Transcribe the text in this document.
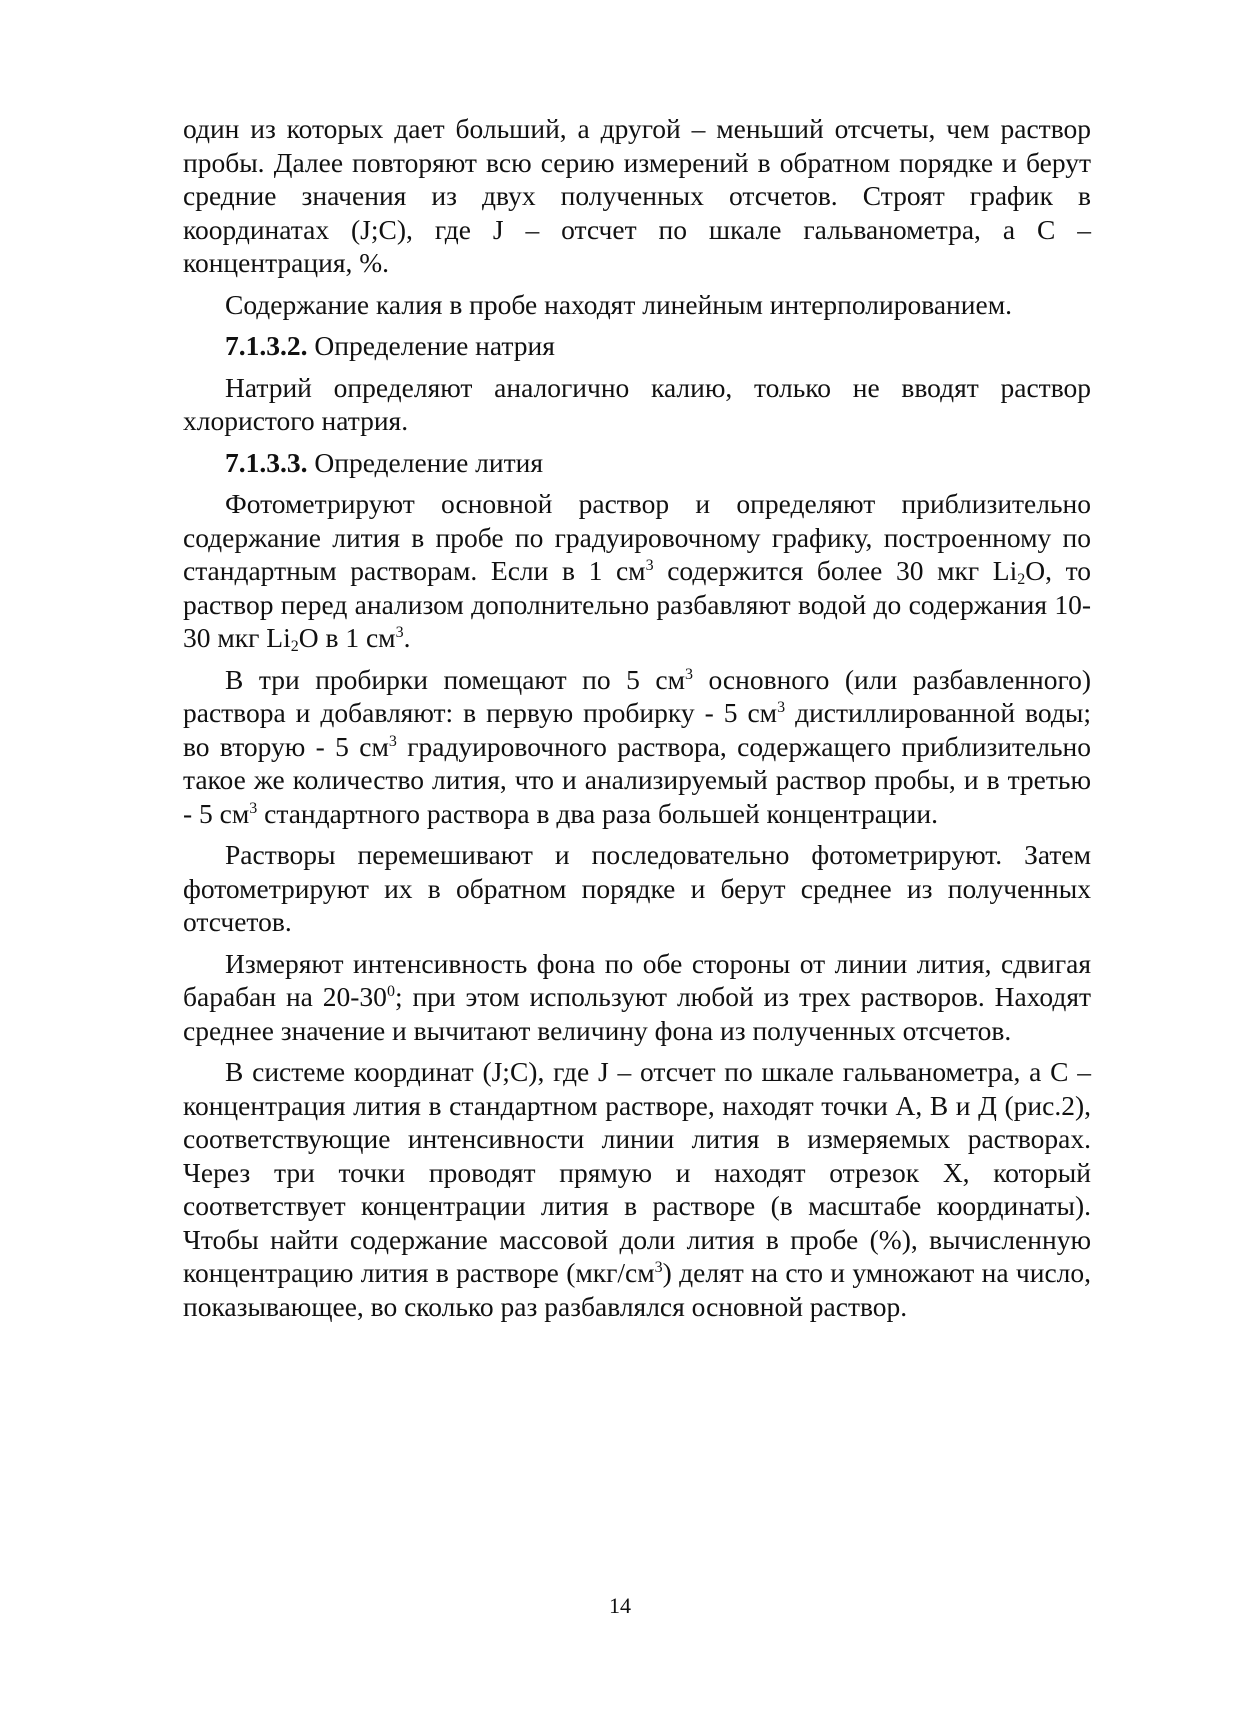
один из которых дает больший, а другой – меньший отсчеты, чем раствор пробы. Далее повторяют всю серию измерений в обратном порядке и берут средние значения из двух полученных отсчетов. Строят график в координатах (J;C), где J – отсчет по шкале гальванометра, а C – концентрация, %.

Содержание калия в пробе находят линейным интерполированием.

7.1.3.2. Определение натрия

Натрий определяют аналогично калию, только не вводят раствор хлористого натрия.

7.1.3.3. Определение лития

Фотометрируют основной раствор и определяют приблизительно содержание лития в пробе по градуировочному графику, построенному по стандартным растворам. Если в 1 $см^3$ содержится более 30 мкг $Li_2O$, то раствор перед анализом дополнительно разбавляют водой до содержания 10-30 мкг $Li_2O$ в 1 $см^3$.

В три пробирки помещают по 5 $см^3$ основного (или разбавленного) раствора и добавляют: в первую пробирку - 5 $см^3$ дистиллированной воды; во вторую - 5 $см^3$ градуировочного раствора, содержащего приблизительно такое же количество лития, что и анализируемый раствор пробы, и в третью - 5 $см^3$ стандартного раствора в два раза большей концентрации.

Растворы перемешивают и последовательно фотометрируют. Затем фотометрируют их в обратном порядке и берут среднее из полученных отсчетов.

Измеряют интенсивность фона по обе стороны от линии лития, сдвигая барабан на $20-30^0$; при этом используют любой из трех растворов. Находят среднее значение и вычитают величину фона из полученных отсчетов.

В системе координат (J;C), где J – отсчет по шкале гальванометра, а C – концентрация лития в стандартном растворе, находят точки А, В и Д (рис.2), соответствующие интенсивности линии лития в измеряемых растворах. Через три точки проводят прямую и находят отрезок Х, который соответствует концентрации лития в растворе (в масштабе координаты). Чтобы найти содержание массовой доли лития в пробе (%), вычисленную концентрацию лития в растворе $(мкг/см^3)$ делят на сто и умножают на число, показывающее, во сколько раз разбавлялся основной раствор.

14
